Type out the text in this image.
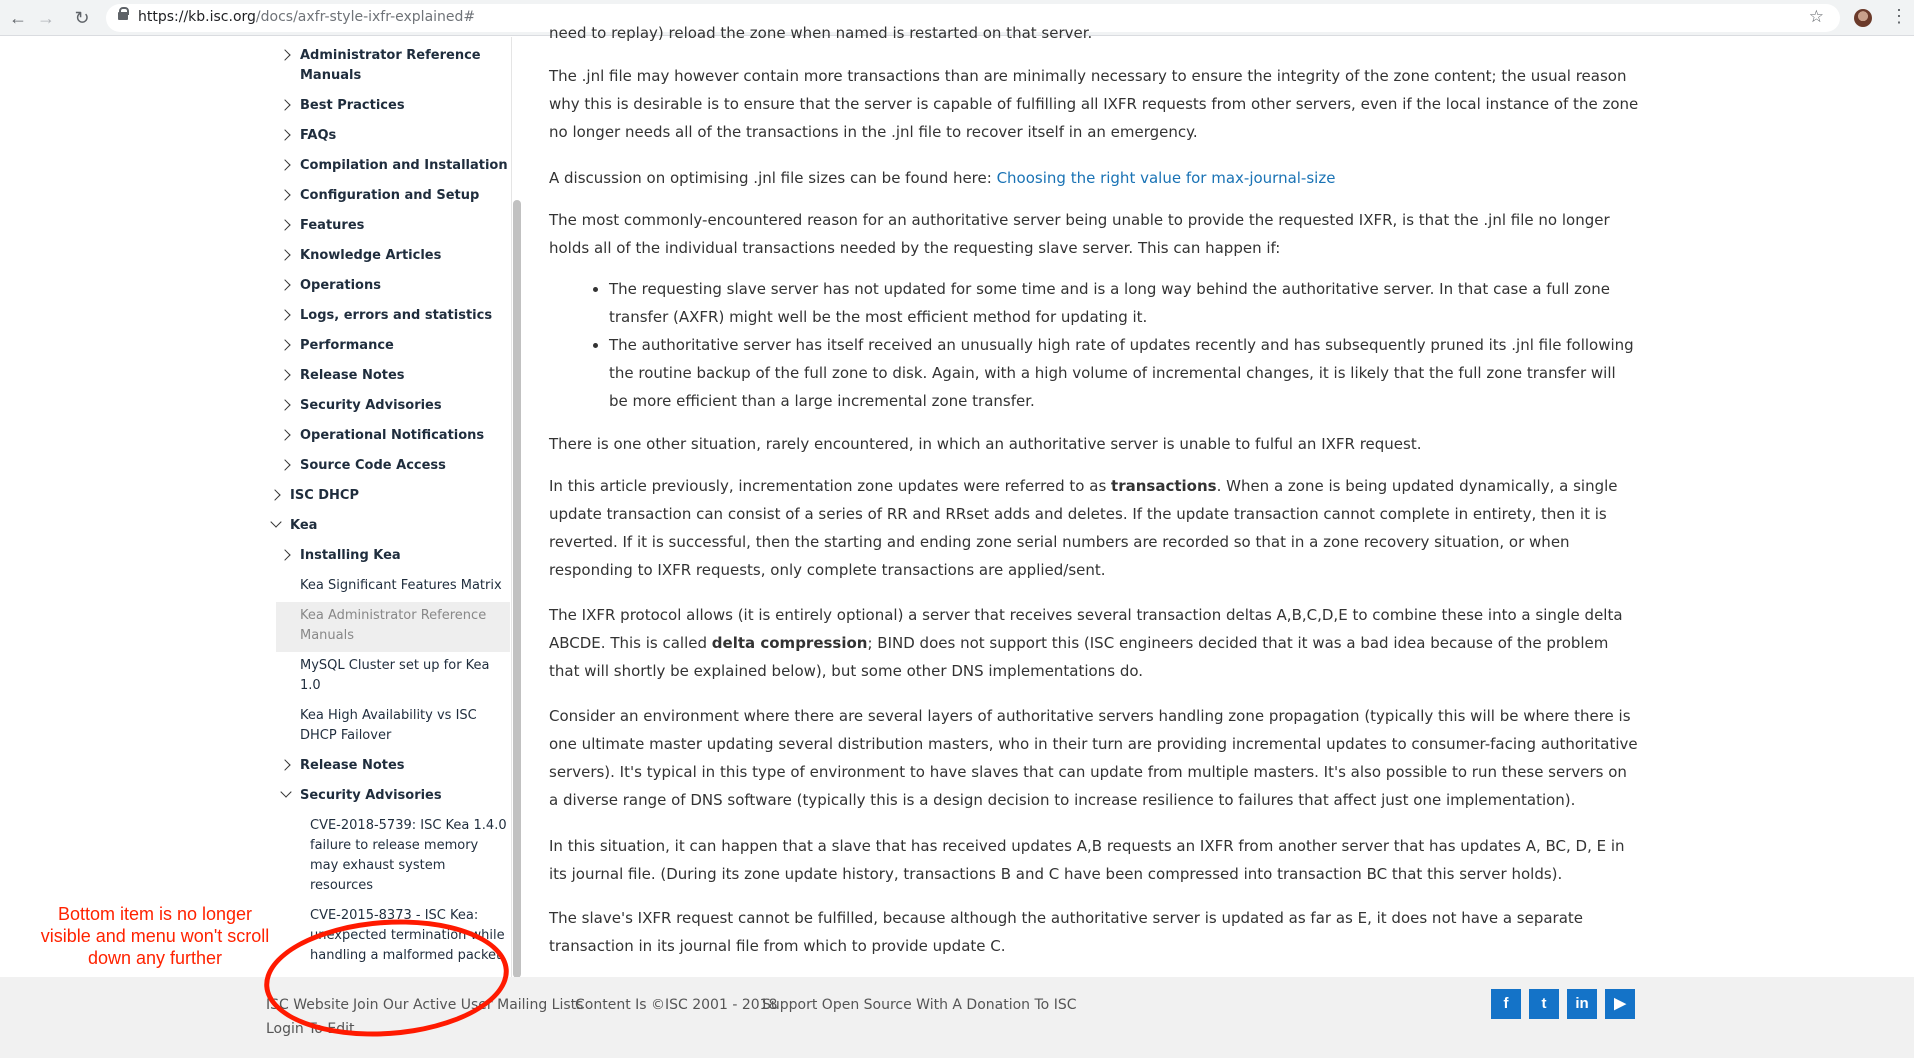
← → ↻	https://kb.isc.org/docs/axfr-style-ixfr-explained#	☆	⋮
Administrator Reference
Manuals
Best Practices
FAQs
Compilation and Installation
Configuration and Setup
Features
Knowledge Articles
Operations
Logs, errors and statistics
Performance
Release Notes
Security Advisories
Operational Notifications
Source Code Access
ISC DHCP
Kea
Installing Kea
Kea Significant Features Matrix
Kea Administrator Reference
Manuals
MySQL Cluster set up for Kea
1.0
Kea High Availability vs ISC
DHCP Failover
Release Notes
Security Advisories
CVE-2018-5739: ISC Kea 1.4.0
failure to release memory
may exhaust system
resources
CVE-2015-8373 - ISC Kea:
unexpected termination while
handling a malformed packet

need to replay) reload the zone when named is restarted on that server.

The .jnl file may however contain more transactions than are minimally necessary to ensure the integrity of the zone content; the usual reason why this is desirable is to ensure that the server is capable of fulfilling all IXFR requests from other servers, even if the local instance of the zone no longer needs all of the transactions in the .jnl file to recover itself in an emergency.

A discussion on optimising .jnl file sizes can be found here: Choosing the right value for max-journal-size

The most commonly-encountered reason for an authoritative server being unable to provide the requested IXFR, is that the .jnl file no longer holds all of the individual transactions needed by the requesting slave server. This can happen if:

• The requesting slave server has not updated for some time and is a long way behind the authoritative server. In that case a full zone transfer (AXFR) might well be the most efficient method for updating it.
• The authoritative server has itself received an unusually high rate of updates recently and has subsequently pruned its .jnl file following the routine backup of the full zone to disk. Again, with a high volume of incremental changes, it is likely that the full zone transfer will be more efficient than a large incremental zone transfer.

There is one other situation, rarely encountered, in which an authoritative server is unable to fulful an IXFR request.

In this article previously, incrementation zone updates were referred to as transactions. When a zone is being updated dynamically, a single update transaction can consist of a series of RR and RRset adds and deletes. If the update transaction cannot complete in entirety, then it is reverted. If it is successful, then the starting and ending zone serial numbers are recorded so that in a zone recovery situation, or when responding to IXFR requests, only complete transactions are applied/sent.

The IXFR protocol allows (it is entirely optional) a server that receives several transaction deltas A,B,C,D,E to combine these into a single delta ABCDE. This is called delta compression; BIND does not support this (ISC engineers decided that it was a bad idea because of the problem that will shortly be explained below), but some other DNS implementations do.

Consider an environment where there are several layers of authoritative servers handling zone propagation (typically this will be where there is one ultimate master updating several distribution masters, who in their turn are providing incremental updates to consumer-facing authoritative servers). It's typical in this type of environment to have slaves that can update from multiple masters. It's also possible to run these servers on a diverse range of DNS software (typically this is a design decision to increase resilience to failures that affect just one implementation).

In this situation, it can happen that a slave that has received updates A,B requests an IXFR from another server that has updates A, BC, D, E in its journal file. (During its zone update history, transactions B and C have been compressed into transaction BC that this server holds).

The slave's IXFR request cannot be fulfilled, because although the authoritative server is updated as far as E, it does not have a separate transaction in its journal file from which to provide update C.

ISC Website Join Our Active User Mailing Lists
Content Is ©ISC 2001 - 2018
Support Open Source With A Donation To ISC
Login To Edit
f	t	in	▶
Bottom item is no longer visible and menu won't scroll down any further
